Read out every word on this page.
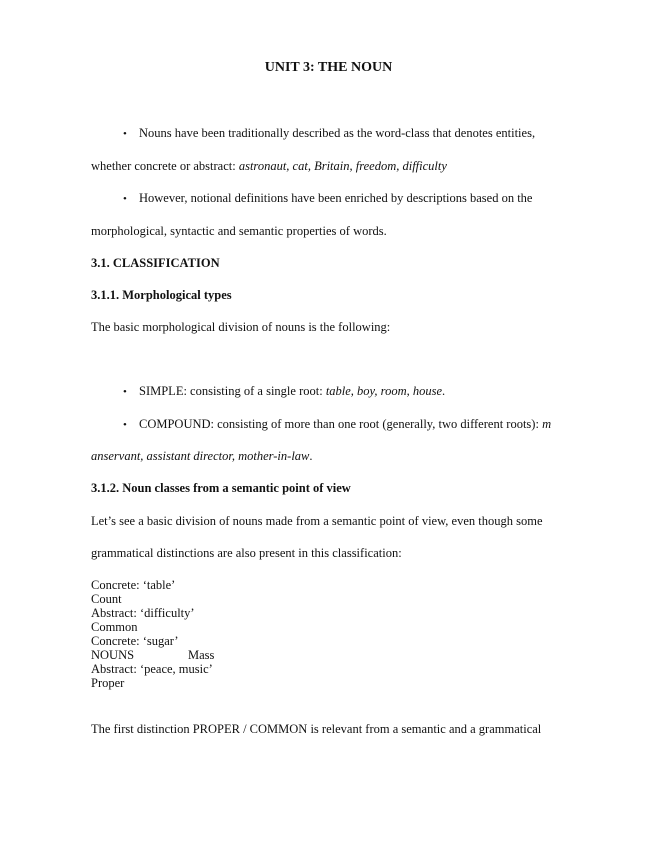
UNIT 3: THE NOUN
• Nouns have been traditionally described as the word-class that denotes entities,
whether concrete or abstract: astronaut, cat, Britain, freedom, difficulty
• However, notional definitions have been enriched by descriptions based on the
morphological, syntactic and semantic properties of words.
3.1. CLASSIFICATION
3.1.1. Morphological types
The basic morphological division of nouns is the following:
• SIMPLE: consisting of a single root: table, boy, room, house.
• COMPOUND: consisting of more than one root (generally, two different roots): m
anservant, assistant director, mother-in-law.
3.1.2. Noun classes from a semantic point of view
Let’s see a basic division of nouns made from a semantic point of view, even though some
grammatical distinctions are also present in this classification:
Concrete: ‘table’
Count
Abstract: ‘difficulty’
Common
Concrete: ‘sugar’
NOUNS	Mass
Abstract: ‘peace, music’
Proper
The first distinction PROPER / COMMON is relevant from a semantic and a grammatical
